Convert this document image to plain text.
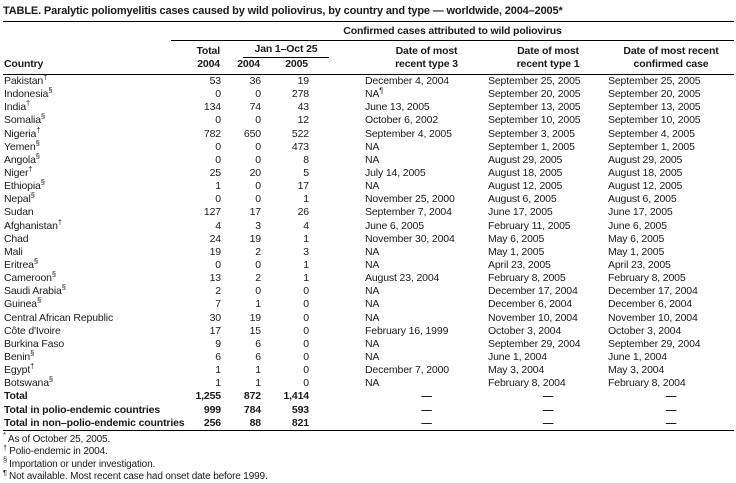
TABLE. Paralytic poliomyelitis cases caused by wild poliovirus, by country and type — worldwide, 2004–2005*
	Confirmed cases attributed to wild poliovirus					
Country	Total	Jan 1–Oct 25		Date of most	Date of most	Date of most recent
	2004	2004	2005	recent type 3	recent type 1	confirmed case
Pakistan†	53	36	19	December 4, 2004	September 25, 2005	September 25, 2005
Indonesia§	0	0	278	NA¶	September 20, 2005	September 20, 2005
India†	134	74	43	June 13, 2005	September 13, 2005	September 13, 2005
Somalia§	0	0	12	October 6, 2002	September 10, 2005	September 10, 2005
Nigeria†	782	650	522	September 4, 2005	September 3, 2005	September 4, 2005
Yemen§	0	0	473	NA	September 1, 2005	September 1, 2005
Angola§	0	0	8	NA	August 29, 2005	August 29, 2005
Niger†	25	20	5	July 14, 2005	August 18, 2005	August 18, 2005
Ethiopia§	1	0	17	NA	August 12, 2005	August 12, 2005
Nepal§	0	0	1	November 25, 2000	August 6, 2005	August 6, 2005
Sudan	127	17	26	September 7, 2004	June 17, 2005	June 17, 2005
Afghanistan†	4	3	4	June 6, 2005	February 11, 2005	June 6, 2005
Chad	24	19	1	November 30, 2004	May 6, 2005	May 6, 2005
Mali	19	2	3	NA	May 1, 2005	May 1, 2005
Eritrea§	0	0	1	NA	April 23, 2005	April 23, 2005
Cameroon§	13	2	1	August 23, 2004	February 8, 2005	February 8, 2005
Saudi Arabia§	2	0	0	NA	December 17, 2004	December 17, 2004
Guinea§	7	1	0	NA	December 6, 2004	December 6, 2004
Central African Republic	30	19	0	NA	November 10, 2004	November 10, 2004
Côte d'Ivoire	17	15	0	February 16, 1999	October 3, 2004	October 3, 2004
Burkina Faso	9	6	0	NA	September 29, 2004	September 29, 2004
Benin§	6	6	0	NA	June 1, 2004	June 1, 2004
Egypt†	1	1	0	December 7, 2000	May 3, 2004	May 3, 2004
Botswana§	1	1	0	NA	February 8, 2004	February 8, 2004
Total	1,255	872	1,414	—	—	—
Total in polio-endemic countries	999	784	593	—	—	—
Total in non–polio-endemic countries	256	88	821	—	—	—
* As of October 25, 2005.
† Polio-endemic in 2004.
§ Importation or under investigation.
¶ Not available. Most recent case had onset date before 1999.
